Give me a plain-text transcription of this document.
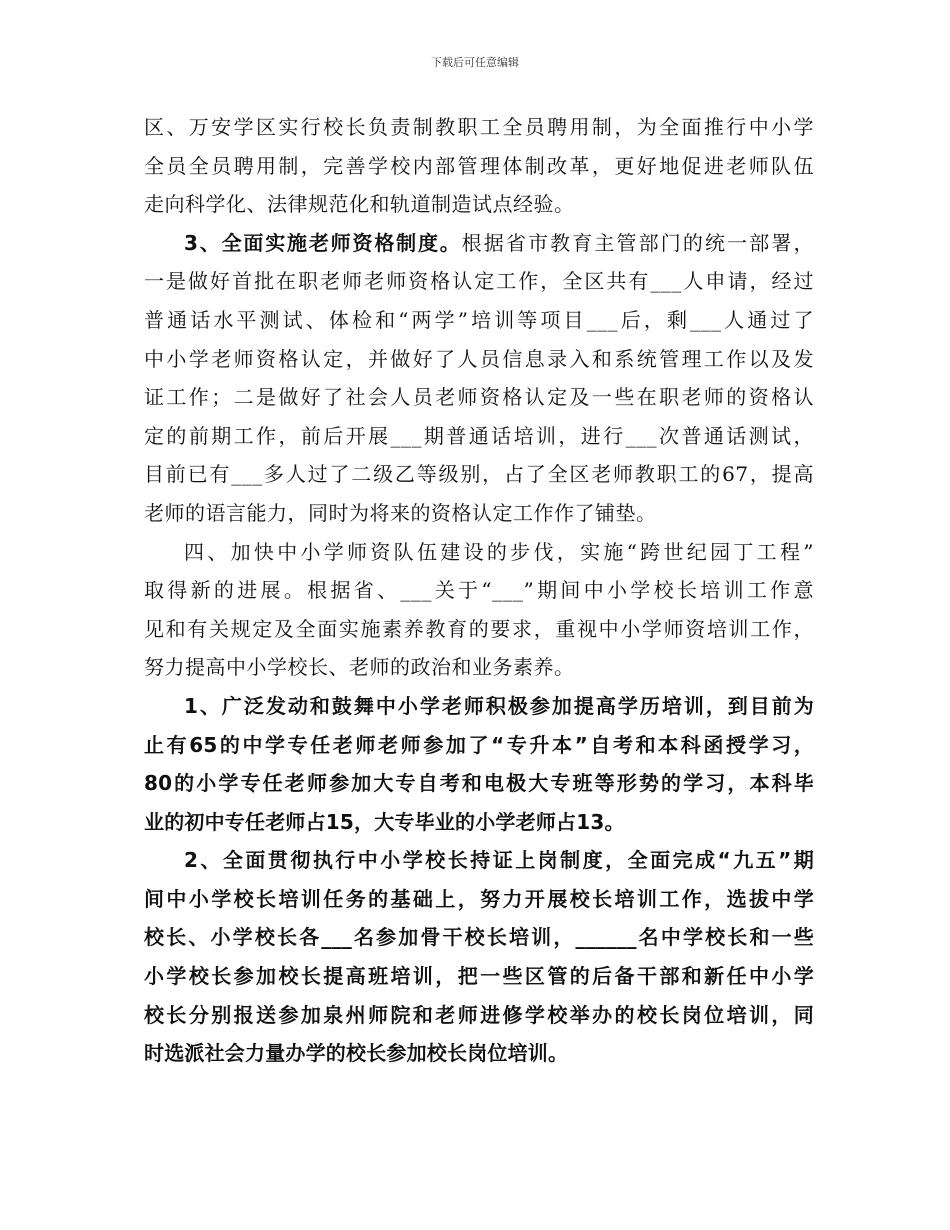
下载后可任意编辑
区、万安学区实行校长负责制教职工全员聘用制，为全面推行中小学
全员全员聘用制，完善学校内部管理体制改革，更好地促进老师队伍
走向科学化、法律规范化和轨道制造试点经验。
3、全面实施老师资格制度。根据省市教育主管部门的统一部署，
一是做好首批在职老师老师资格认定工作，全区共有___人申请，经过
普通话水平测试、体检和“两学”培训等项目___后，剩___人通过了
中小学老师资格认定，并做好了人员信息录入和系统管理工作以及发
证工作；二是做好了社会人员老师资格认定及一些在职老师的资格认
定的前期工作，前后开展___期普通话培训，进行___次普通话测试，
目前已有___多人过了二级乙等级别，占了全区老师教职工的67，提高
老师的语言能力，同时为将来的资格认定工作作了铺垫。
四、加快中小学师资队伍建设的步伐，实施“跨世纪园丁工程”
取得新的进展。根据省、___关于“___”期间中小学校长培训工作意
见和有关规定及全面实施素养教育的要求，重视中小学师资培训工作，
努力提高中小学校长、老师的政治和业务素养。
1、广泛发动和鼓舞中小学老师积极参加提高学历培训，到目前为
止有65的中学专任老师老师参加了“专升本”自考和本科函授学习，
80的小学专任老师参加大专自考和电极大专班等形势的学习，本科毕
业的初中专任老师占15，大专毕业的小学老师占13。
2、全面贯彻执行中小学校长持证上岗制度，全面完成“九五”期
间中小学校长培训任务的基础上，努力开展校长培训工作，选拔中学
校长、小学校长各___名参加骨干校长培训，______名中学校长和一些
小学校长参加校长提高班培训，把一些区管的后备干部和新任中小学
校长分别报送参加泉州师院和老师进修学校举办的校长岗位培训，同
时选派社会力量办学的校长参加校长岗位培训。
